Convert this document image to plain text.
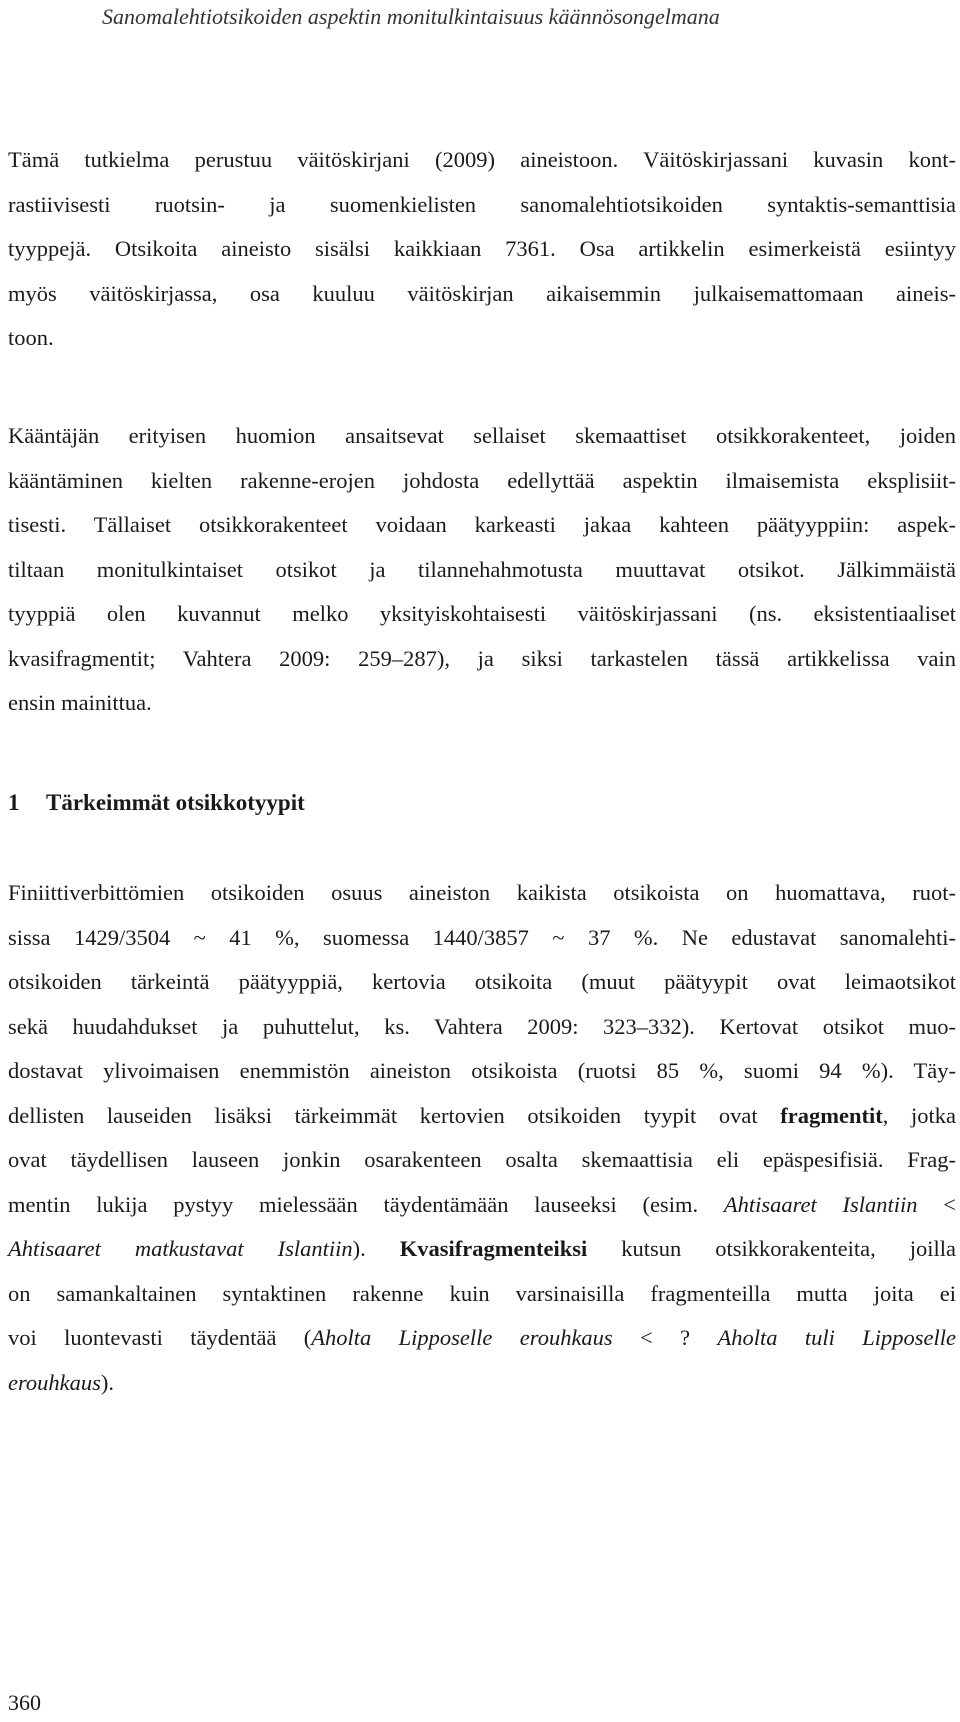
Sanomalehtiotsikoiden aspektin monitulkintaisuus käännösongelmana
Tämä tutkielma perustuu väitöskirjani (2009) aineistoon. Väitöskirjassani kuvasin kont-
rastiivisesti ruotsin- ja suomenkielisten sanomalehtiotsikoiden syntaktis-semanttisia
tyyppejä. Otsikoita aineisto sisälsi kaikkiaan 7361. Osa artikkelin esimerkeistä esiintyy
myös väitöskirjassa, osa kuuluu väitöskirjan aikaisemmin julkaisemattomaan aineis-
toon.
Kääntäjän erityisen huomion ansaitsevat sellaiset skemaattiset otsikkorakenteet, joiden
kääntäminen kielten rakenne-erojen johdosta edellyttää aspektin ilmaisemista eksplisiit-
tisesti. Tällaiset otsikkorakenteet voidaan karkeasti jakaa kahteen päätyyppiin: aspek-
tiltaan monitulkintaiset otsikot ja tilannehahmotusta muuttavat otsikot. Jälkimmäistä
tyyppiä olen kuvannut melko yksityiskohtaisesti väitöskirjassani (ns. eksistentiaaliset
kvasifragmentit; Vahtera 2009: 259–287), ja siksi tarkastelen tässä artikkelissa vain
ensin mainittua.
1 Tärkeimmät otsikkotyypit
Finiittiverbittömien otsikoiden osuus aineiston kaikista otsikoista on huomattava, ruot-
sissa 1429/3504 ~ 41 %, suomessa 1440/3857 ~ 37 %. Ne edustavat sanomalehti-
otsikoiden tärkeintä päätyyppiä, kertovia otsikoita (muut päätyypit ovat leimaotsikot
sekä huudahdukset ja puhuttelut, ks. Vahtera 2009: 323–332). Kertovat otsikot muo-
dostavat ylivoimaisen enemmistön aineiston otsikoista (ruotsi 85 %, suomi 94 %). Täy-
dellisten lauseiden lisäksi tärkeimmät kertovien otsikoiden tyypit ovat fragmentit, jotka
ovat täydellisen lauseen jonkin osarakenteen osalta skemaattisia eli epäspesifisiä. Frag-
mentin lukija pystyy mielessään täydentämään lauseeksi (esim. Ahtisaaret Islantiin <
Ahtisaaret matkustavat Islantiin). Kvasifragmenteiksi kutsun otsikkorakenteita, joilla
on samankaltainen syntaktinen rakenne kuin varsinaisilla fragmenteilla mutta joita ei
voi luontevasti täydentää (Aholta Lipposelle erouhkaus < ? Aholta tuli Lipposelle
erouhkaus).
360
